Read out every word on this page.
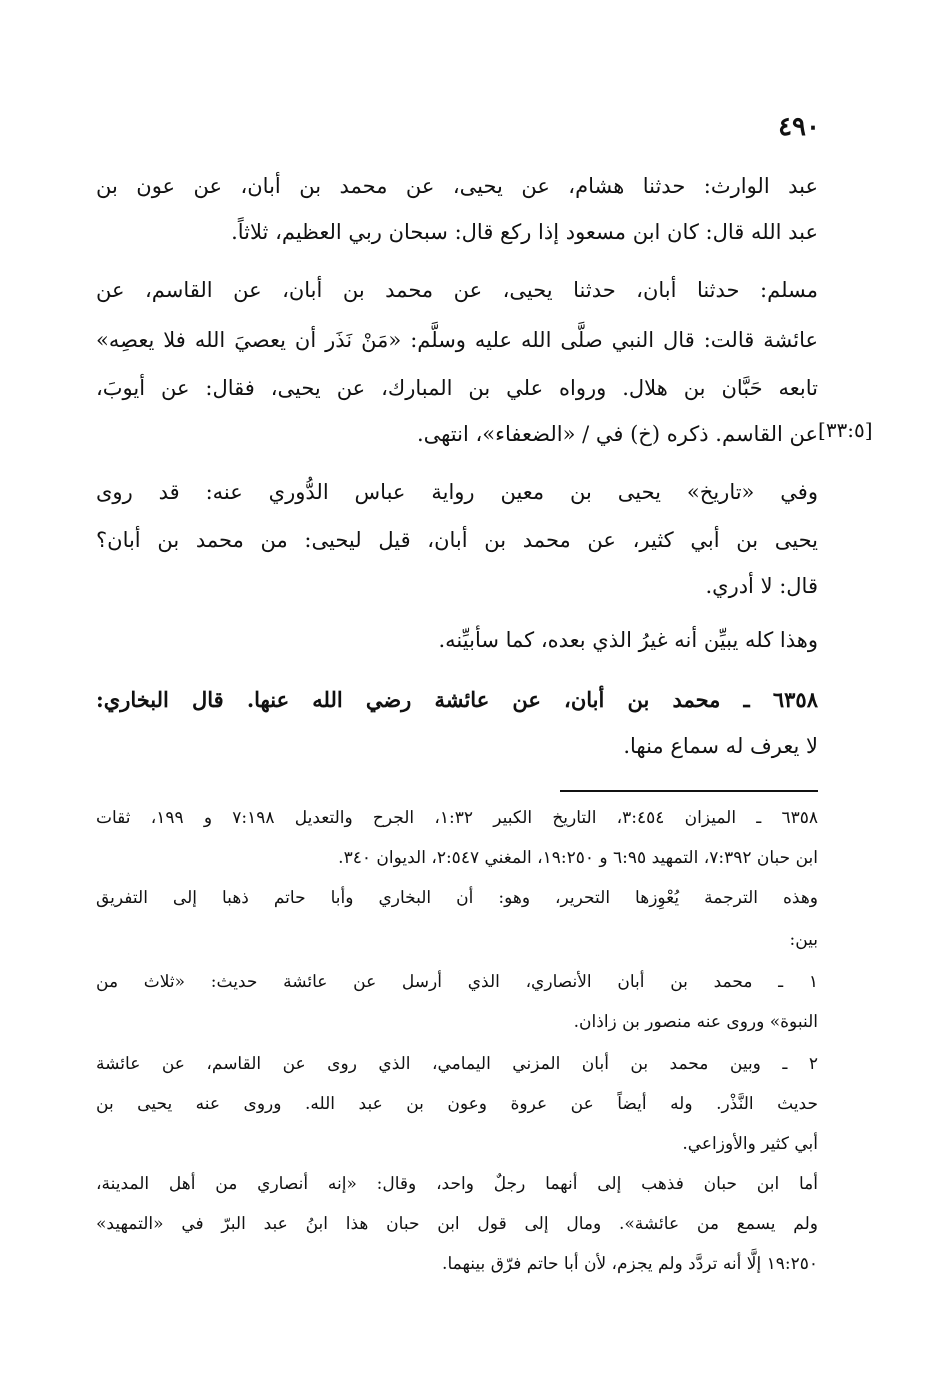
٤٩٠
عبد الوارث: حدثنا هشام، عن يحيى، عن محمد بن أبان، عن عون بن
عبد الله قال: كان ابن مسعود إذا ركع قال: سبحان ربي العظيم، ثلاثاً.
مسلم: حدثنا أبان، حدثنا يحيى، عن محمد بن أبان، عن القاسم، عن
عائشة قالت: قال النبي صلَّى الله عليه وسلَّم: «مَنْ نَذَر أن يعصيَ الله فلا يعصِه»
تابعه حَبَّان بن هلال. ورواه علي بن المبارك، عن يحيى، فقال: عن أيوبَ،
عن القاسم. ذكره (خ) في / «الضعفاء»، انتهى. [٣٣:٥]
وفي «تاريخ» يحيى بن معين رواية عباس الدُّوري عنه: قد روى
يحيى بن أبي كثير، عن محمد بن أبان، قيل ليحيى: من محمد بن أبان؟
قال: لا أدري.
وهذا كله يبيِّن أنه غيرُ الذي بعده، كما سأبيِّنه.
٦٣٥٨ ـ محمد بن أبان، عن عائشة رضي الله عنها. قال البخاري:
لا يعرف له سماع منها.
٦٣٥٨ ـ الميزان ٣:٤٥٤، التاريخ الكبير ١:٣٢، الجرح والتعديل ٧:١٩٨ و ١٩٩، ثقات
ابن حبان ٧:٣٩٢، التمهيد ٦:٩٥ و ١٩:٢٥٠، المغني ٢:٥٤٧، الديوان ٣٤٠.
وهذه الترجمة يُعْوِزها التحرير، وهو: أن البخاري وأبا حاتم ذهبا إلى التفريق
بين:
١ ـ محمد بن أبان الأنصاري، الذي أرسل عن عائشة حديث: «ثلاث من
النبوة» وروى عنه منصور بن زاذان.
٢ ـ وبين محمد بن أبان المزني اليمامي، الذي روى عن القاسم، عن عائشة
حديث النَّذْر. وله أيضاً عن عروة وعون بن عبد الله. وروى عنه يحيى بن
أبي كثير والأوزاعي.
أما ابن حبان فذهب إلى أنهما رجلٌ واحد، وقال: «إنه أنصاري من أهل المدينة،
ولم يسمع من عائشة». ومال إلى قول ابن حبان هذا ابنُ عبد البرّ في «التمهيد»
١٩:٢٥٠ إلَّا أنه تردَّد ولم يجزم، لأن أبا حاتم فرّق بينهما.
